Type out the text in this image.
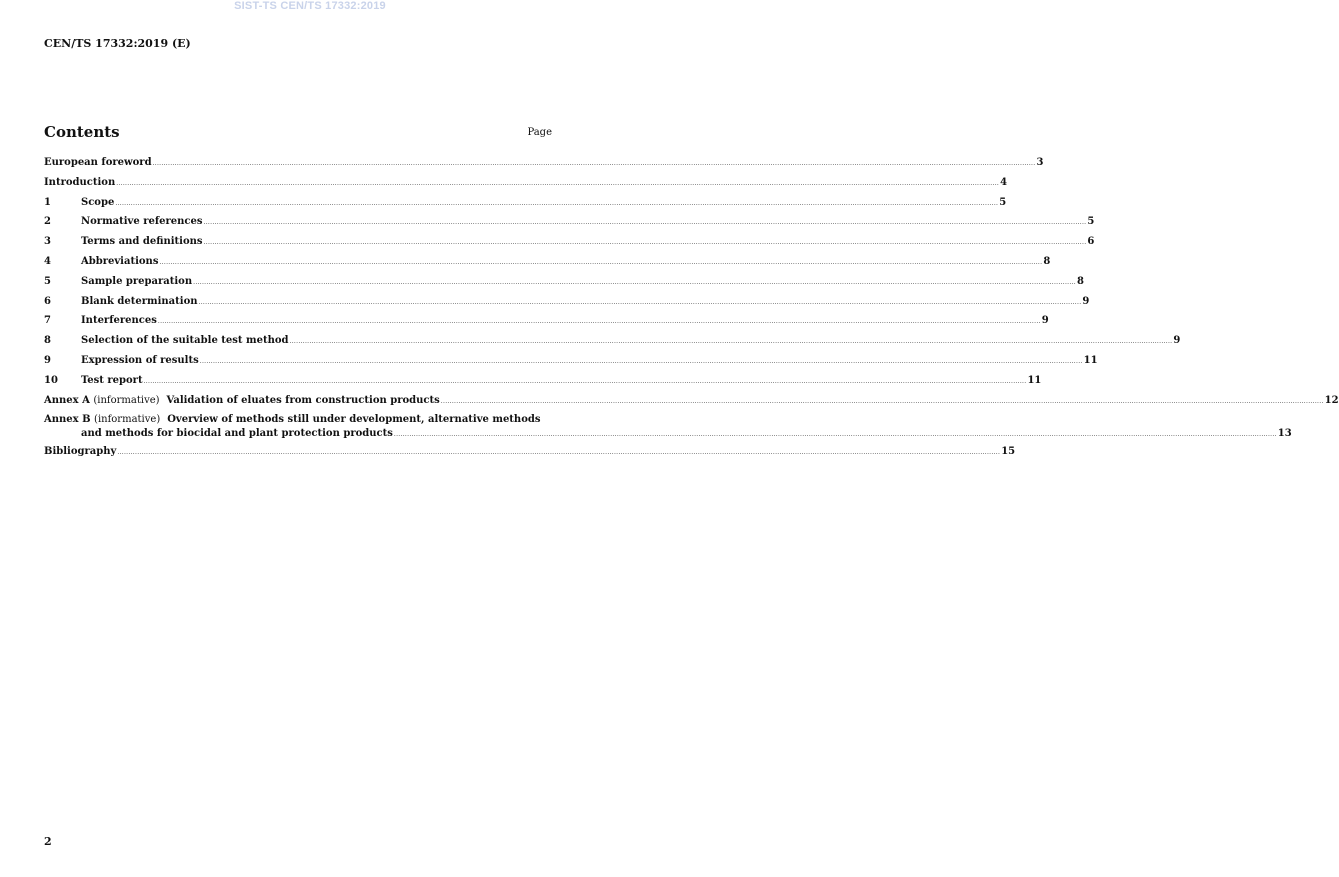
SIST-TS CEN/TS 17332:2019
CEN/TS 17332:2019 (E)
Contents	Page
European foreword ................................................................................................................................................................................................................................................................................................................................................................................................................ 3
Introduction ................................................................................................................................................................................................................................................................................................................................................................................................................ 4
1	Scope ................................................................................................................................................................................................................................................................................................................................................................................................................ 5
2	Normative references ................................................................................................................................................................................................................................................................................................................................................................................................................ 5
3	Terms and definitions ................................................................................................................................................................................................................................................................................................................................................................................................................ 6
4	Abbreviations ................................................................................................................................................................................................................................................................................................................................................................................................................ 8
5	Sample preparation ................................................................................................................................................................................................................................................................................................................................................................................................................ 8
6	Blank determination ................................................................................................................................................................................................................................................................................................................................................................................................................ 9
7	Interferences ................................................................................................................................................................................................................................................................................................................................................................................................................ 9
8	Selection of the suitable test method ................................................................................................................................................................................................................................................................................................................................................................................................................ 9
9	Expression of results ................................................................................................................................................................................................................................................................................................................................................................................................................ 11
10	Test report ................................................................................................................................................................................................................................................................................................................................................................................................................ 11
Annex A (informative) Validation of eluates from construction products ................................................................................................................................................................................................................................................................................................................................................................................................................ 12
Annex B (informative) Overview of methods still under development, alternative methods
and methods for biocidal and plant protection products ................................................................................................................................................................................................................................................................................................................................................................................................................ 13
Bibliography ................................................................................................................................................................................................................................................................................................................................................................................................................ 15
2
